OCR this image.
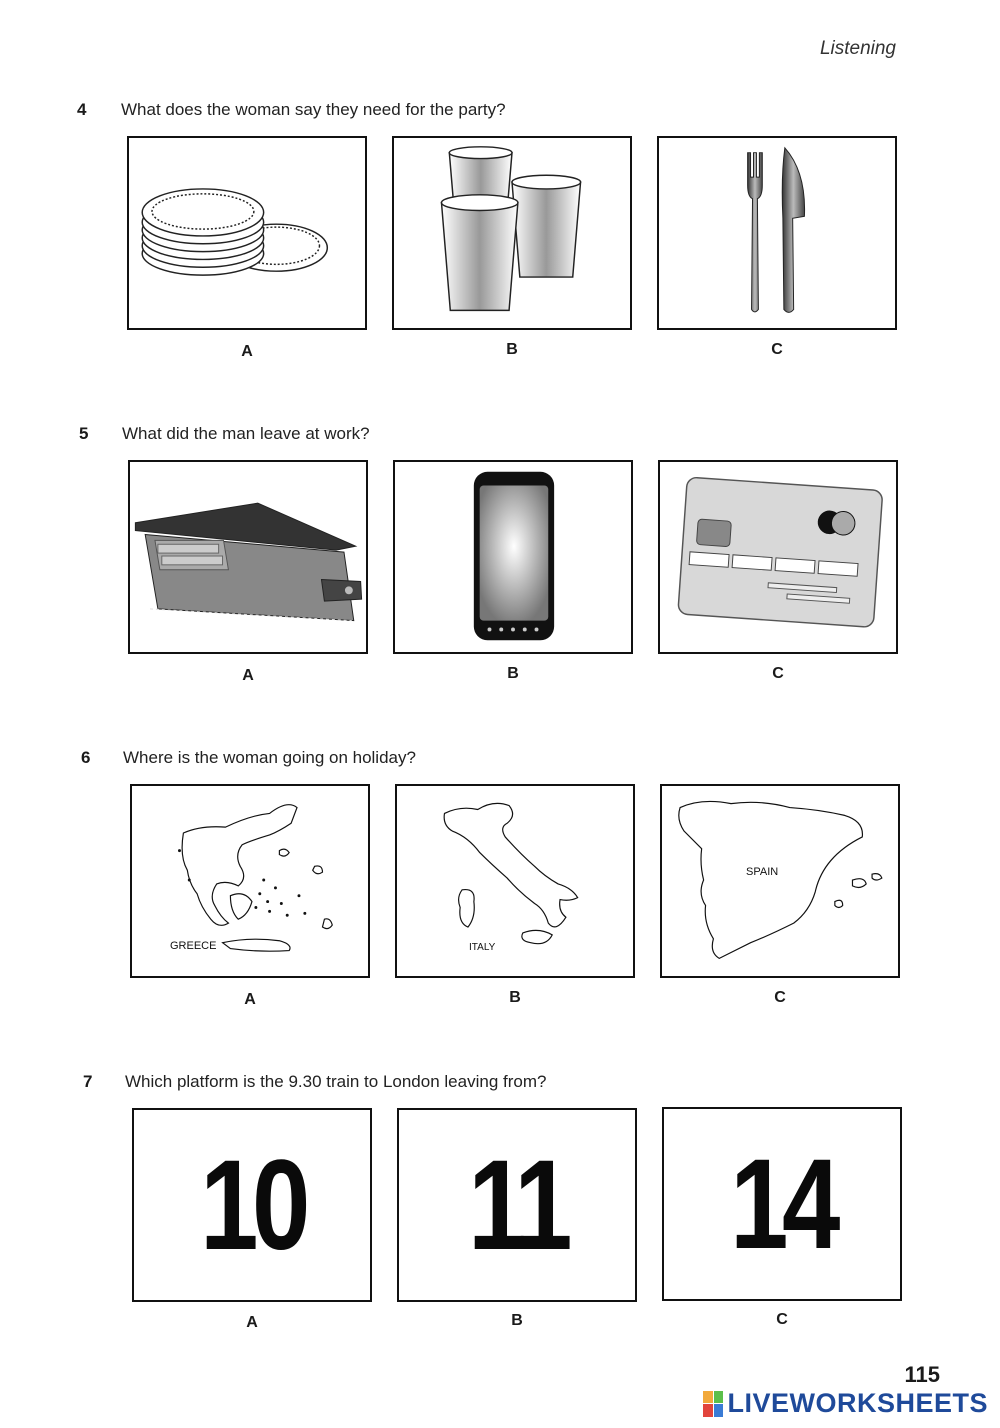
Listening
4 What does the woman say they need for the party?
A	B	C
5 What did the man leave at work?
A	B	C
6 Where is the woman going on holiday?
GREECE	ITALY
SPAIN
A	B	C
7 Which platform is the 9.30 train to London leaving from?
10	11	14
A	B	C
115
LIVEWORKSHEETS
